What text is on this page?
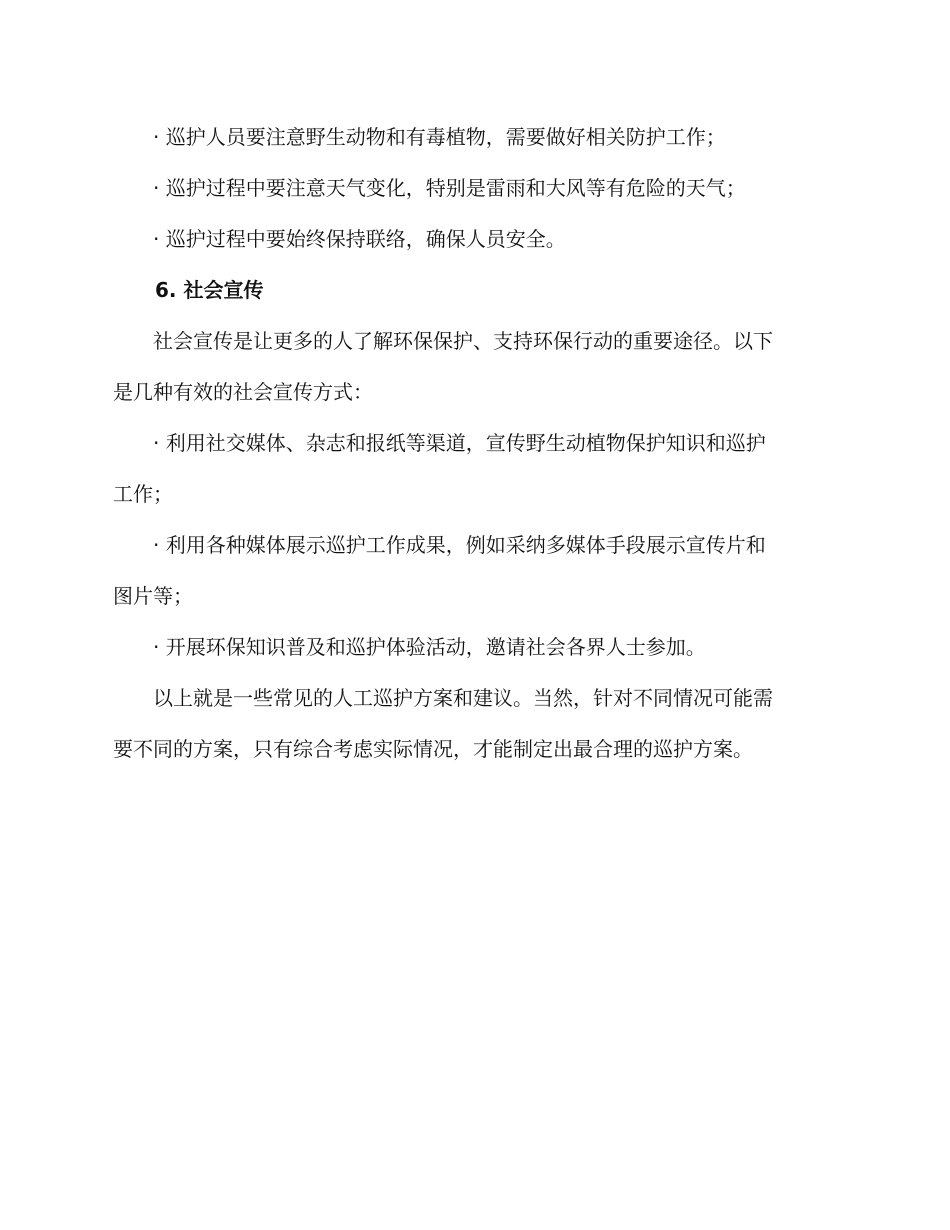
· 巡护人员要注意野生动物和有毒植物，需要做好相关防护工作；

· 巡护过程中要注意天气变化，特别是雷雨和大风等有危险的天气；

· 巡护过程中要始终保持联络，确保人员安全。

6. 社会宣传

社会宣传是让更多的人了解环保保护、支持环保行动的重要途径。以下

是几种有效的社会宣传方式：

· 利用社交媒体、杂志和报纸等渠道，宣传野生动植物保护知识和巡护

工作；

· 利用各种媒体展示巡护工作成果，例如采纳多媒体手段展示宣传片和

图片等；

· 开展环保知识普及和巡护体验活动，邀请社会各界人士参加。

以上就是一些常见的人工巡护方案和建议。当然，针对不同情况可能需

要不同的方案，只有综合考虑实际情况，才能制定出最合理的巡护方案。
